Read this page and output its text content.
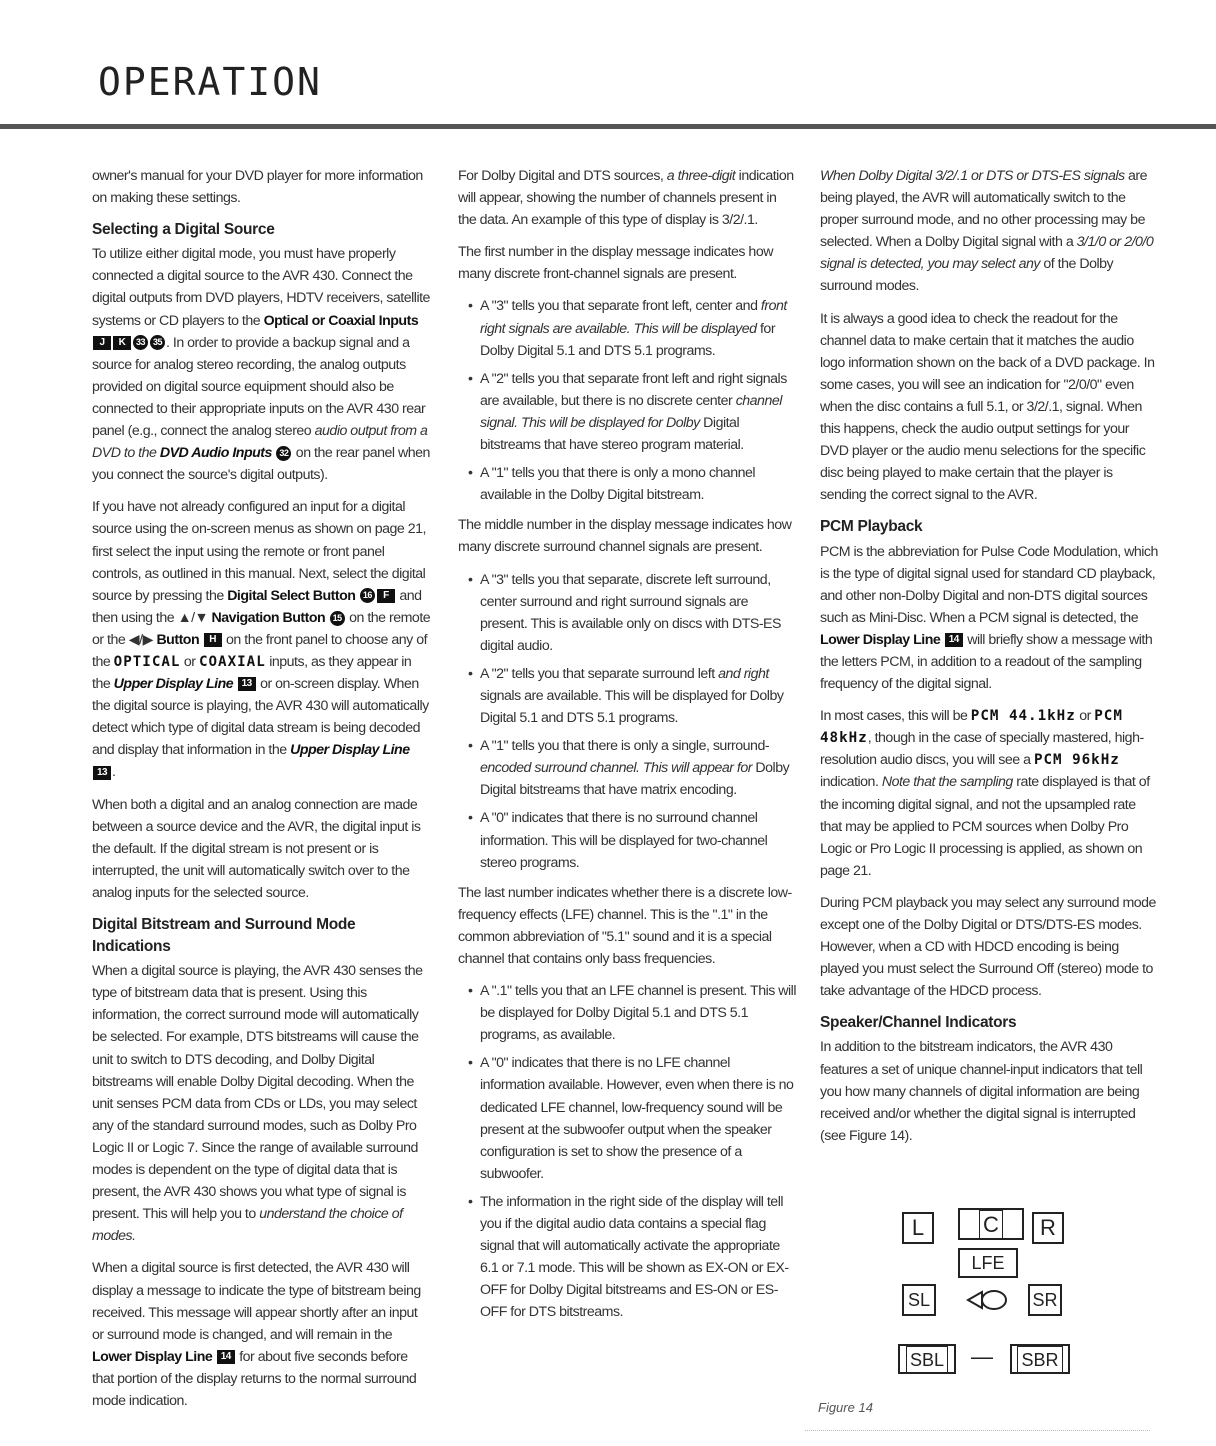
OPERATION

owner's manual for your DVD player for more information on making these settings.

Selecting a Digital Source

To utilize either digital mode, you must have properly connected a digital source to the AVR 430. Connect the digital outputs from DVD players, HDTV receivers, satellite systems or CD players to the Optical or Coaxial Inputs J K 33 35 . In order to provide a backup signal and a source for analog stereo recording, the analog outputs provided on digital source equipment should also be connected to their appropriate inputs on the AVR 430 rear panel (e.g., connect the analog stereo audio output from a DVD to the DVD Audio Inputs 32 on the rear panel when you connect the source's digital outputs).

If you have not already configured an input for a digital source using the on-screen menus as shown on page 21, first select the input using the remote or front panel controls, as outlined in this manual. Next, select the digital source by pressing the Digital Select Button 16 F and then using the ▲/▼ Navigation Button 15 on the remote or the ◀/▶ Button H on the front panel to choose any of the OPTICAL or COAXIAL inputs, as they appear in the Upper Display Line 13 or on-screen display. When the digital source is playing, the AVR 430 will automatically detect which type of digital data stream is being decoded and display that information in the Upper Display Line 13 .

When both a digital and an analog connection are made between a source device and the AVR, the digital input is the default. If the digital stream is not present or is interrupted, the unit will automatically switch over to the analog inputs for the selected source.

Digital Bitstream and Surround Mode Indications

When a digital source is playing, the AVR 430 senses the type of bitstream data that is present. Using this information, the correct surround mode will automatically be selected. For example, DTS bitstreams will cause the unit to switch to DTS decoding, and Dolby Digital bitstreams will enable Dolby Digital decoding. When the unit senses PCM data from CDs or LDs, you may select any of the standard surround modes, such as Dolby Pro Logic II or Logic 7. Since the range of available surround modes is dependent on the type of digital data that is present, the AVR 430 shows you what type of signal is present. This will help you to understand the choice of modes.

When a digital source is first detected, the AVR 430 will display a message to indicate the type of bitstream being received. This message will appear shortly after an input or surround mode is changed, and will remain in the Lower Display Line 14 for about five seconds before that portion of the display returns to the normal surround mode indication.

For Dolby Digital and DTS sources, a three-digit indication will appear, showing the number of channels present in the data. An example of this type of display is 3/2/.1.

The first number in the display message indicates how many discrete front-channel signals are present.

• A "3" tells you that separate front left, center and front right signals are available. This will be displayed for Dolby Digital 5.1 and DTS 5.1 programs.
• A "2" tells you that separate front left and right signals are available, but there is no discrete center channel signal. This will be displayed for Dolby Digital bitstreams that have stereo program material.
• A "1" tells you that there is only a mono channel available in the Dolby Digital bitstream.

The middle number in the display message indicates how many discrete surround channel signals are present.

• A "3" tells you that separate, discrete left surround, center surround and right surround signals are present. This is available only on discs with DTS-ES digital audio.
• A "2" tells you that separate surround left and right signals are available. This will be displayed for Dolby Digital 5.1 and DTS 5.1 programs.
• A "1" tells you that there is only a single, surround-encoded surround channel. This will appear for Dolby Digital bitstreams that have matrix encoding.
• A "0" indicates that there is no surround channel information. This will be displayed for two-channel stereo programs.

The last number indicates whether there is a discrete low-frequency effects (LFE) channel. This is the ".1" in the common abbreviation of "5.1" sound and it is a special channel that contains only bass frequencies.

• A ".1" tells you that an LFE channel is present. This will be displayed for Dolby Digital 5.1 and DTS 5.1 programs, as available.
• A "0" indicates that there is no LFE channel information available. However, even when there is no dedicated LFE channel, low-frequency sound will be present at the subwoofer output when the speaker configuration is set to show the presence of a subwoofer.
• The information in the right side of the display will tell you if the digital audio data contains a special flag signal that will automatically activate the appropriate 6.1 or 7.1 mode. This will be shown as EX-ON or EX-OFF for Dolby Digital bitstreams and ES-ON or ES-OFF for DTS bitstreams.

When Dolby Digital 3/2/.1 or DTS or DTS-ES signals are being played, the AVR will automatically switch to the proper surround mode, and no other processing may be selected. When a Dolby Digital signal with a 3/1/0 or 2/0/0 signal is detected, you may select any of the Dolby surround modes.

It is always a good idea to check the readout for the channel data to make certain that it matches the audio logo information shown on the back of a DVD package. In some cases, you will see an indication for "2/0/0" even when the disc contains a full 5.1, or 3/2/.1, signal. When this happens, check the audio output settings for your DVD player or the audio menu selections for the specific disc being played to make certain that the player is sending the correct signal to the AVR.

PCM Playback

PCM is the abbreviation for Pulse Code Modulation, which is the type of digital signal used for standard CD playback, and other non-Dolby Digital and non-DTS digital sources such as Mini-Disc. When a PCM signal is detected, the Lower Display Line 14 will briefly show a message with the letters PCM, in addition to a readout of the sampling frequency of the digital signal.

In most cases, this will be PCM 44.1kHz or PCM 48kHz, though in the case of specially mastered, high-resolution audio discs, you will see a PCM 96kHz indication. Note that the sampling rate displayed is that of the incoming digital signal, and not the upsampled rate that may be applied to PCM sources when Dolby Pro Logic or Pro Logic II processing is applied, as shown on page 21.

During PCM playback you may select any surround mode except one of the Dolby Digital or DTS/DTS-ES modes. However, when a CD with HDCD encoding is being played you must select the Surround Off (stereo) mode to take advantage of the HDCD process.

Speaker/Channel Indicators

In addition to the bitstream indicators, the AVR 430 features a set of unique channel-input indicators that tell you how many channels of digital information are being received and/or whether the digital signal is interrupted (see Figure 14).

L	C	R
LFE
SL	SR
SBL	—	SBR
Figure 14
